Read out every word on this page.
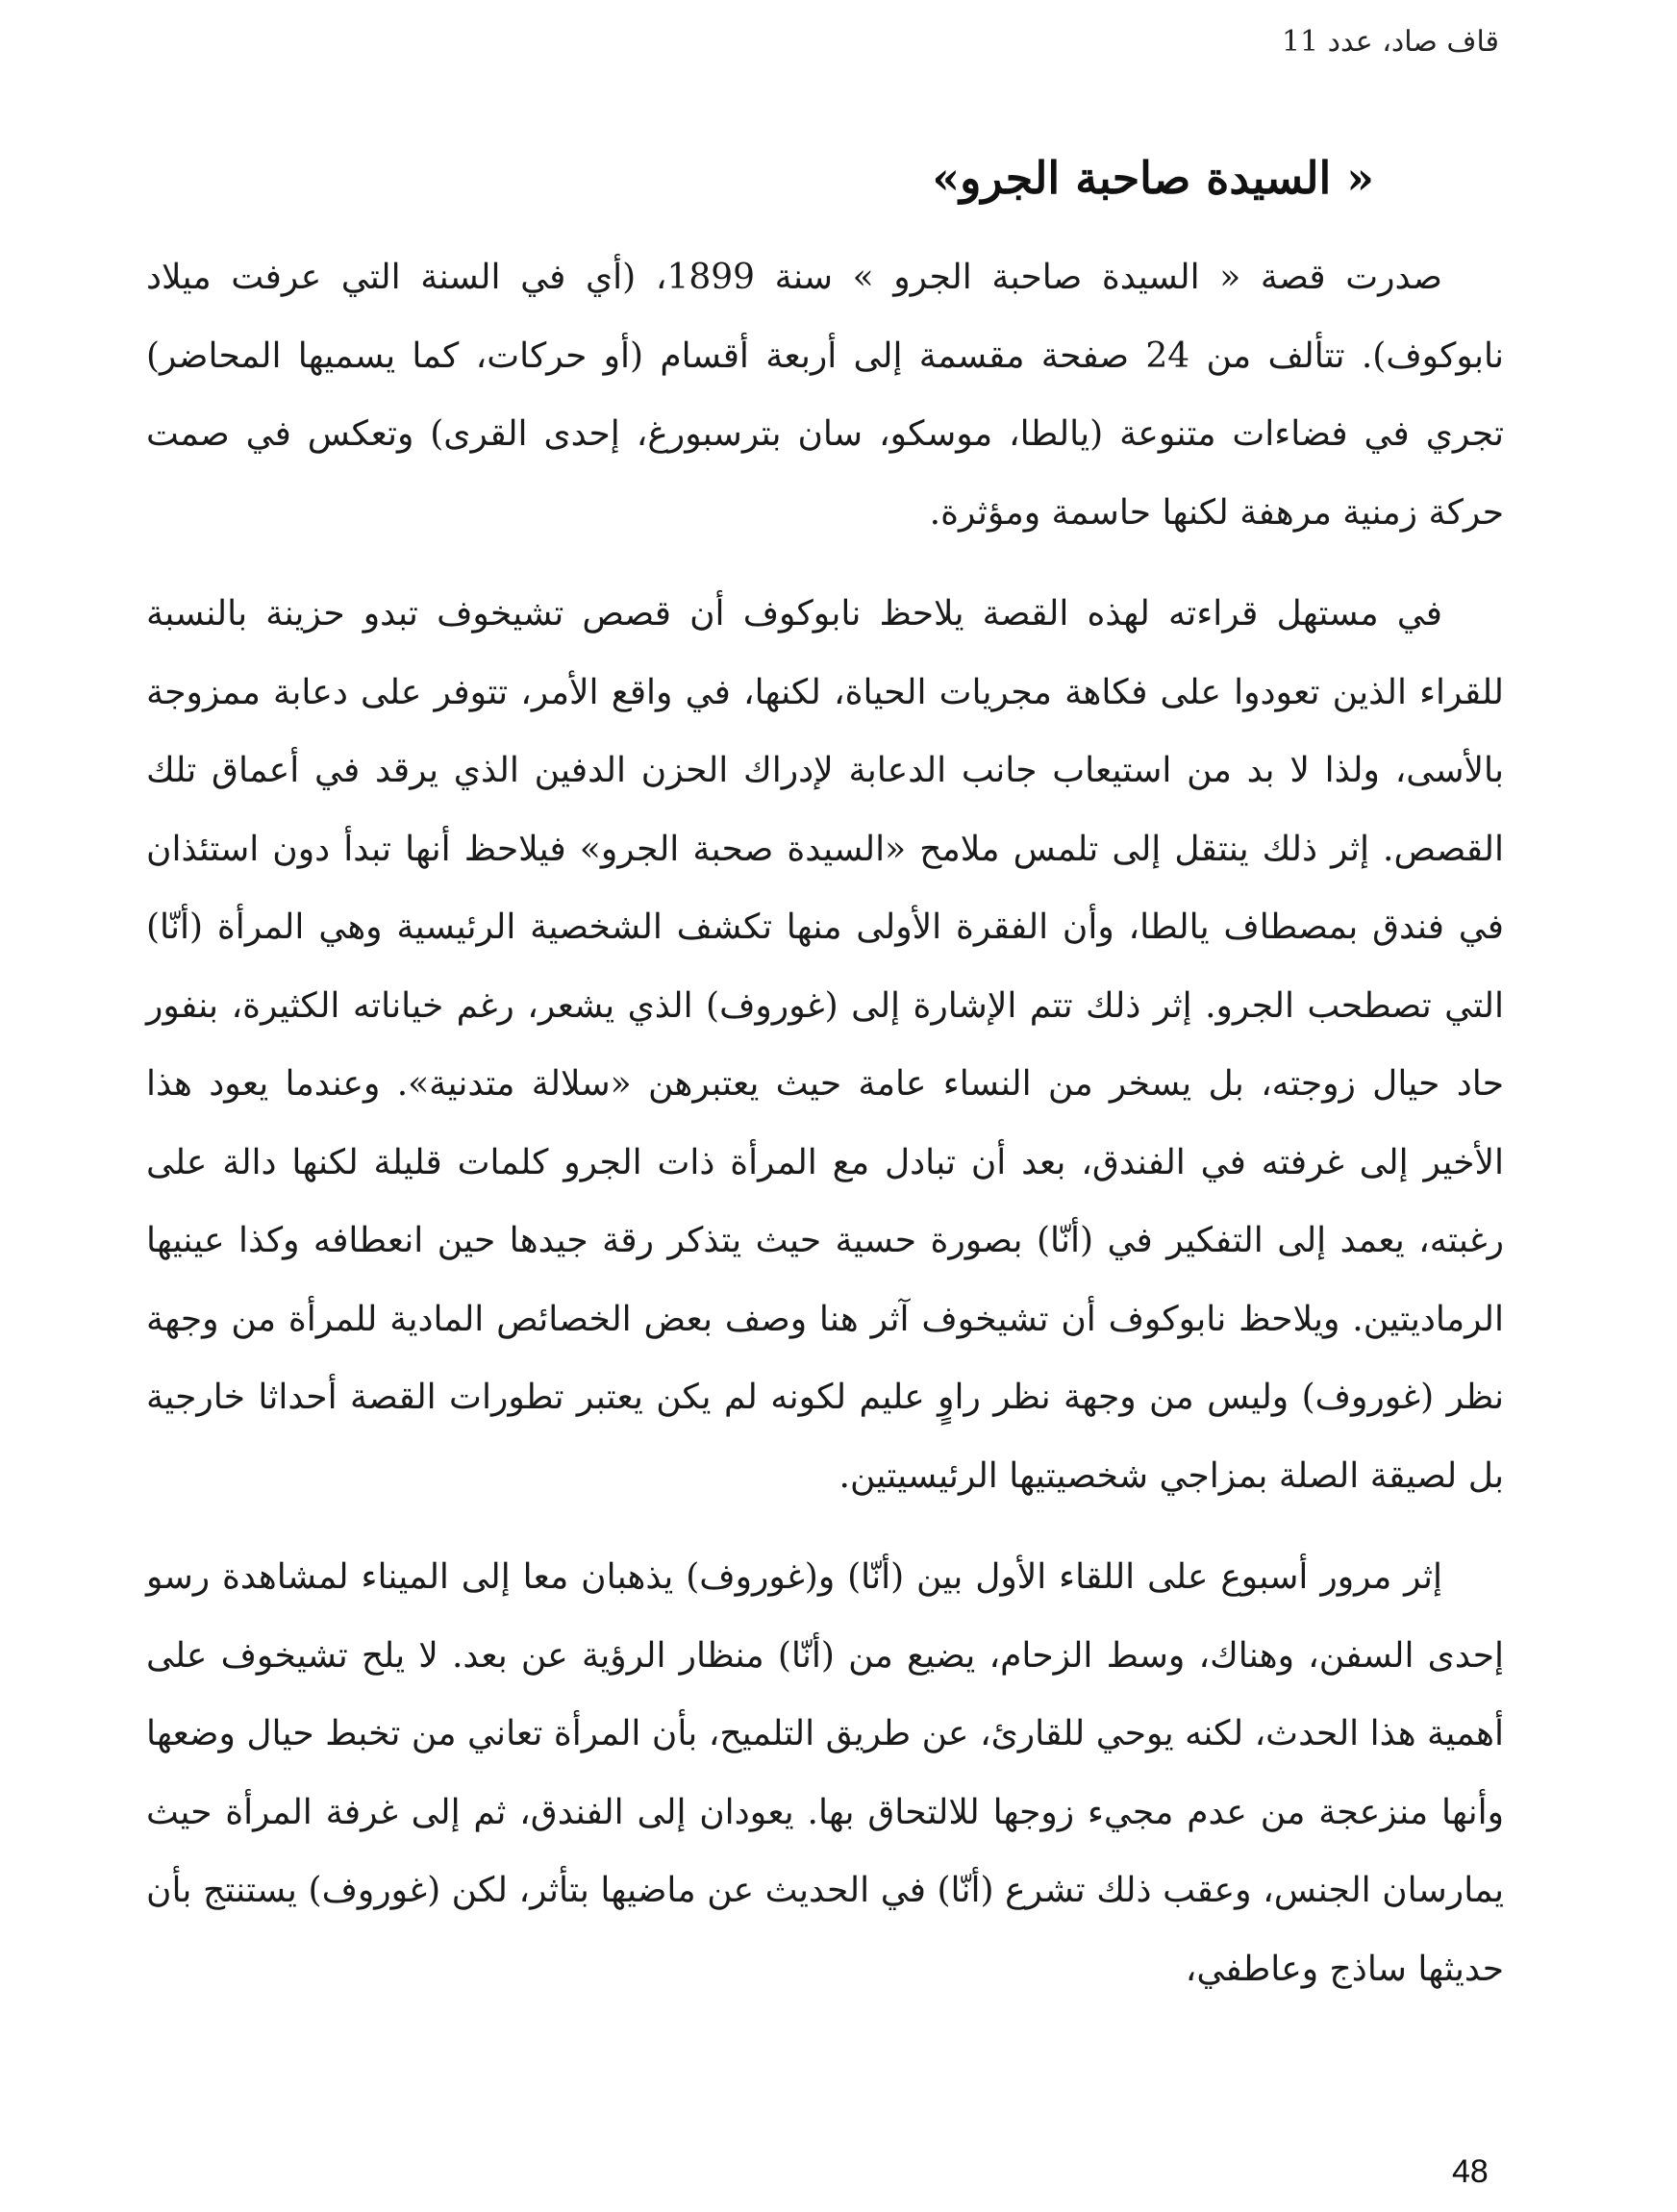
قاف صاد، عدد 11
« السيدة صاحبة الجرو»

صدرت قصة « السيدة صاحبة الجرو » سنة 1899، (أي في السنة التي عرفت ميلاد نابوكوف). تتألف من 24 صفحة مقسمة إلى أربعة أقسام (أو حركات، كما يسميها المحاضر) تجري في فضاءات متنوعة (يالطا، موسكو، سان بترسبورغ، إحدى القرى) وتعكس في صمت حركة زمنية مرهفة لكنها حاسمة ومؤثرة.

في مستهل قراءته لهذه القصة يلاحظ نابوكوف أن قصص تشيخوف تبدو حزينة بالنسبة للقراء الذين تعودوا على فكاهة مجريات الحياة، لكنها، في واقع الأمر، تتوفر على دعابة ممزوجة بالأسى، ولذا لا بد من استيعاب جانب الدعابة لإدراك الحزن الدفين الذي يرقد في أعماق تلك القصص. إثر ذلك ينتقل إلى تلمس ملامح «السيدة صحبة الجرو» فيلاحظ أنها تبدأ دون استئذان في فندق بمصطاف يالطا، وأن الفقرة الأولى منها تكشف الشخصية الرئيسية وهي المرأة (أنّا) التي تصطحب الجرو. إثر ذلك تتم الإشارة إلى (غوروف) الذي يشعر، رغم خياناته الكثيرة، بنفور حاد حيال زوجته، بل يسخر من النساء عامة حيث يعتبرهن «سلالة متدنية». وعندما يعود هذا الأخير إلى غرفته في الفندق، بعد أن تبادل مع المرأة ذات الجرو كلمات قليلة لكنها دالة على رغبته، يعمد إلى التفكير في (أنّا) بصورة حسية حيث يتذكر رقة جيدها حين انعطافه وكذا عينيها الرماديتين. ويلاحظ نابوكوف أن تشيخوف آثر هنا وصف بعض الخصائص المادية للمرأة من وجهة نظر (غوروف) وليس من وجهة نظر راوٍ عليم لكونه لم يكن يعتبر تطورات القصة أحداثا خارجية بل لصيقة الصلة بمزاجي شخصيتيها الرئيسيتين.

إثر مرور أسبوع على اللقاء الأول بين (أنّا) و(غوروف) يذهبان معا إلى الميناء لمشاهدة رسو إحدى السفن، وهناك، وسط الزحام، يضيع من (أنّا) منظار الرؤية عن بعد. لا يلح تشيخوف على أهمية هذا الحدث، لكنه يوحي للقارئ، عن طريق التلميح، بأن المرأة تعاني من تخبط حيال وضعها وأنها منزعجة من عدم مجيء زوجها للالتحاق بها. يعودان إلى الفندق، ثم إلى غرفة المرأة حيث يمارسان الجنس، وعقب ذلك تشرع (أنّا) في الحديث عن ماضيها بتأثر، لكن (غوروف) يستنتج بأن حديثها ساذج وعاطفي،

48
